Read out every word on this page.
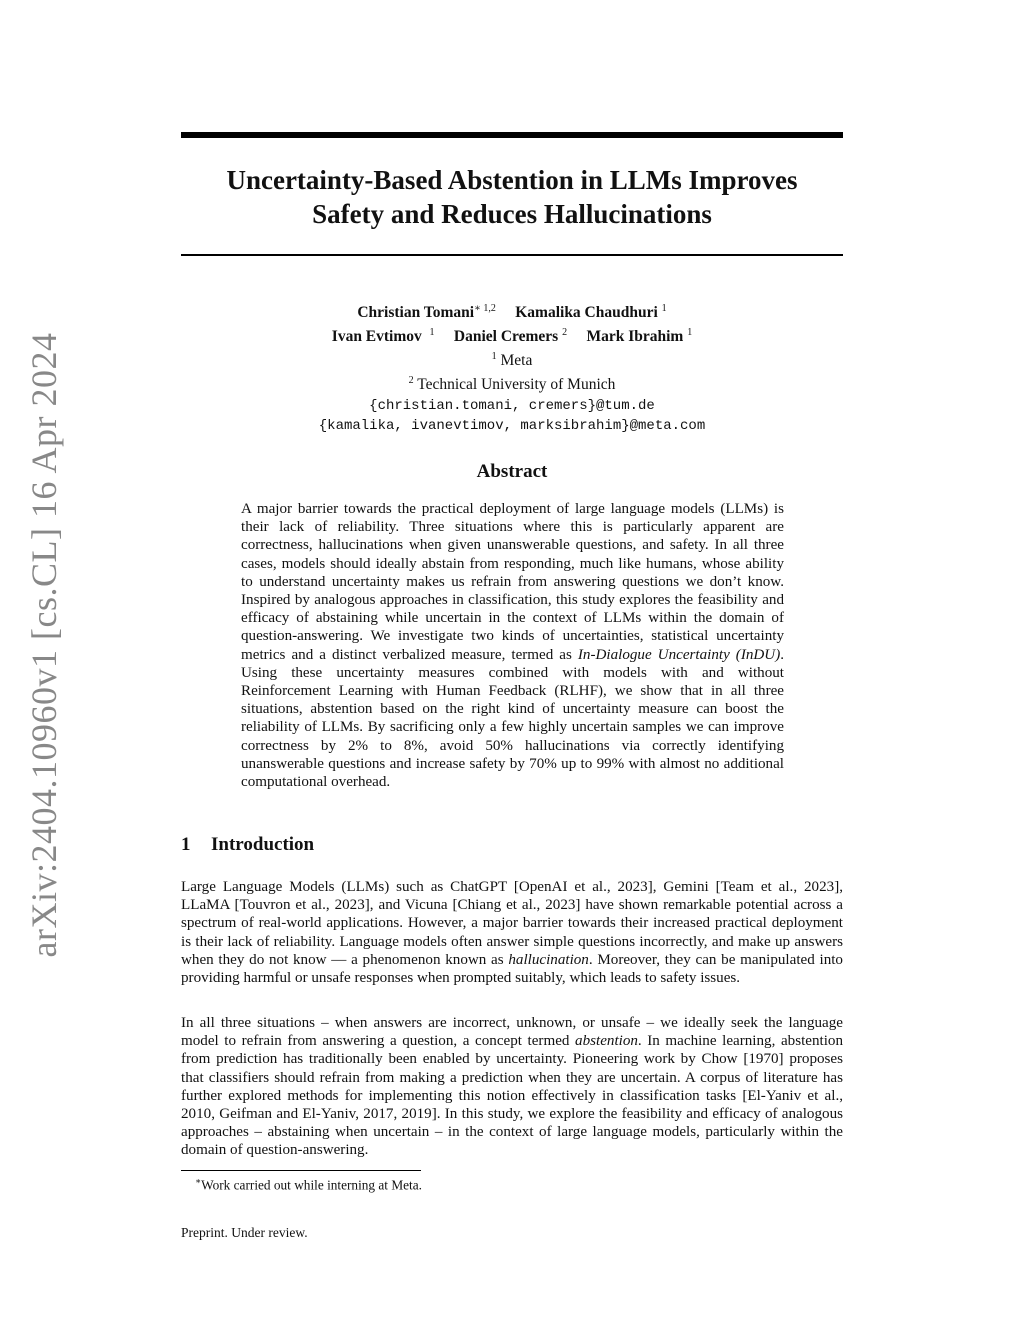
arXiv:2404.10960v1 [cs.CL] 16 Apr 2024
Uncertainty-Based Abstention in LLMs Improves
Safety and Reduces Hallucinations
Christian Tomani$^{∗ 1,2}$ Kamalika Chaudhuri $^1$
Ivan Evtimov $^1$ Daniel Cremers $^2$ Mark Ibrahim $^1$
$^1$ Meta
$^2$ Technical University of Munich
{christian.tomani, cremers}@tum.de
{kamalika, ivanevtimov, marksibrahim}@meta.com
Abstract
A major barrier towards the practical deployment of large language models (LLMs) is their lack of reliability. Three situations where this is particularly apparent are correctness, hallucinations when given unanswerable questions, and safety. In all three cases, models should ideally abstain from responding, much like humans, whose ability to understand uncertainty makes us refrain from answering questions we don’t know. Inspired by analogous approaches in classification, this study explores the feasibility and efficacy of abstaining while uncertain in the context of LLMs within the domain of question-answering. We investigate two kinds of uncertainties, statistical uncertainty metrics and a distinct verbalized measure, termed as In-Dialogue Uncertainty (InDU). Using these uncertainty measures combined with models with and without Reinforcement Learning with Human Feedback (RLHF), we show that in all three situations, abstention based on the right kind of uncertainty measure can boost the reliability of LLMs. By sacrificing only a few highly uncertain samples we can improve correctness by 2% to 8%, avoid 50% hallucinations via correctly identifying unanswerable questions and increase safety by 70% up to 99% with almost no additional computational overhead.
1 Introduction
Large Language Models (LLMs) such as ChatGPT [OpenAI et al., 2023], Gemini [Team et al., 2023], LLaMA [Touvron et al., 2023], and Vicuna [Chiang et al., 2023] have shown remarkable potential across a spectrum of real-world applications. However, a major barrier towards their increased practical deployment is their lack of reliability. Language models often answer simple questions incorrectly, and make up answers when they do not know — a phenomenon known as hallucination. Moreover, they can be manipulated into providing harmful or unsafe responses when prompted suitably, which leads to safety issues.
In all three situations – when answers are incorrect, unknown, or unsafe – we ideally seek the language model to refrain from answering a question, a concept termed abstention. In machine learning, abstention from prediction has traditionally been enabled by uncertainty. Pioneering work by Chow [1970] proposes that classifiers should refrain from making a prediction when they are uncertain. A corpus of literature has further explored methods for implementing this notion effectively in classification tasks [El-Yaniv et al., 2010, Geifman and El-Yaniv, 2017, 2019]. In this study, we explore the feasibility and efficacy of analogous approaches – abstaining when uncertain – in the context of large language models, particularly within the domain of question-answering.
∗Work carried out while interning at Meta.
Preprint. Under review.
